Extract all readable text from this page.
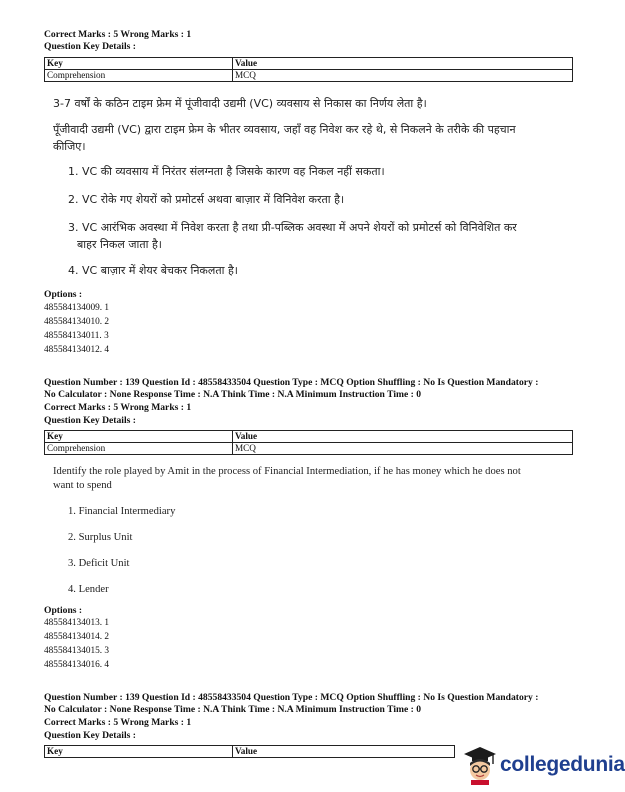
Correct Marks : 5 Wrong Marks : 1
Question Key Details :
Key	Value
Comprehension	MCQ
3-7 वर्षों के कठिन टाइम फ्रेम में पूंजीवादी उद्यमी (VC) व्यवसाय से निकास का निर्णय लेता है।
पूँजीवादी उद्यमी (VC) द्वारा टाइम फ्रेम के भीतर व्यवसाय, जहाँ वह निवेश कर रहे थे, से निकलने के तरीके की पहचान
कीजिए।
1. VC की व्यवसाय में निरंतर संलग्नता है जिसके कारण वह निकल नहीं सकता।
2. VC रोके गए शेयरों को प्रमोटर्स अथवा बाज़ार में विनिवेश करता है।
3. VC आरंभिक अवस्था में निवेश करता है तथा प्री-पब्लिक अवस्था में अपने शेयरों को प्रमोटर्स को विनिवेशित कर
बाहर निकल जाता है।
4. VC बाज़ार में शेयर बेचकर निकलता है।
Options :
485584134009. 1
485584134010. 2
485584134011. 3
485584134012. 4
Question Number : 139 Question Id : 48558433504 Question Type : MCQ Option Shuffling : No Is Question Mandatory :
No Calculator : None Response Time : N.A Think Time : N.A Minimum Instruction Time : 0
Correct Marks : 5 Wrong Marks : 1
Question Key Details :
Key	Value
Comprehension	MCQ
Identify the role played by Amit in the process of Financial Intermediation, if he has money which he does not
want to spend
1. Financial Intermediary
2. Surplus Unit
3. Deficit Unit
4. Lender
Options :
485584134013. 1
485584134014. 2
485584134015. 3
485584134016. 4
Question Number : 139 Question Id : 48558433504 Question Type : MCQ Option Shuffling : No Is Question Mandatory :
No Calculator : None Response Time : N.A Think Time : N.A Minimum Instruction Time : 0
Correct Marks : 5 Wrong Marks : 1
Question Key Details :
Key	Value
collegedunia
